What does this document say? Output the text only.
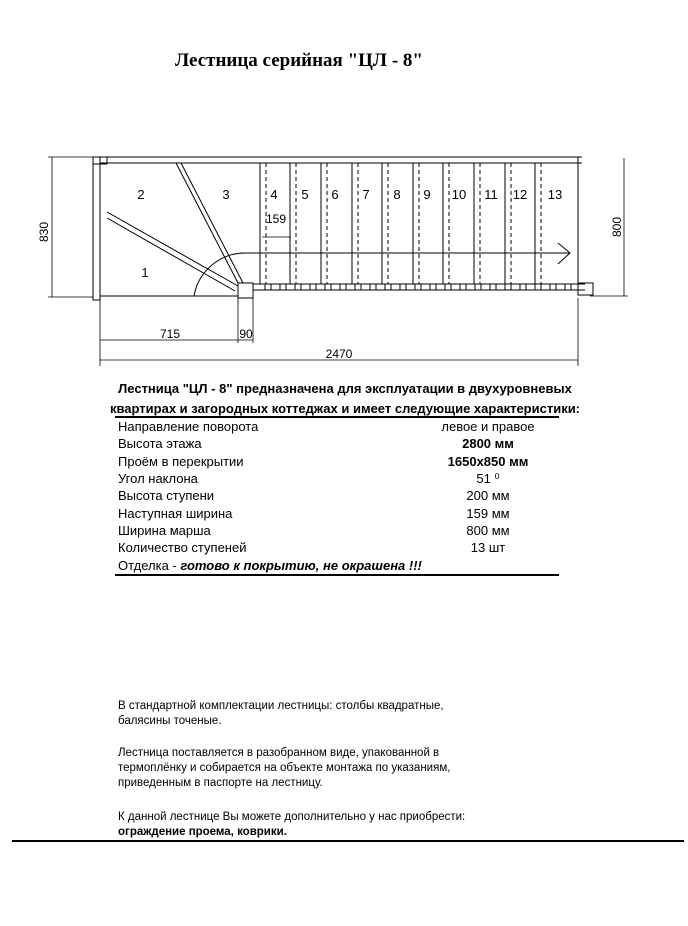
Лестница серийная "ЦЛ - 8"
1
2	3	4 5 6 7 8 9 10 11 12 13
830	800
159
715	90
2470
Лестница "ЦЛ - 8" предназначена для эксплуатации в двухуровневых
квартирах и загородных коттеджах и имеет следующие характеристики:
Направление поворота	левое и правое
Высота этажа	2800 мм
Проём в перекрытии	1650x850 мм
Угол наклона	51 ⁰
Высота ступени	200 мм
Наступная ширина	159 мм
Ширина марша	800 мм
Количество ступеней	13 шт
Отделка - готово к покрытию, не окрашена !!!
В стандартной комплектации лестницы: столбы квадратные, балясины точеные.
Лестница поставляется в разобранном виде, упакованной в термоплёнку и собирается на объекте монтажа по указаниям, приведенным в паспорте на лестницу.
К данной лестнице Вы можете дополнительно у нас приобрести:
ограждение проема, коврики.
